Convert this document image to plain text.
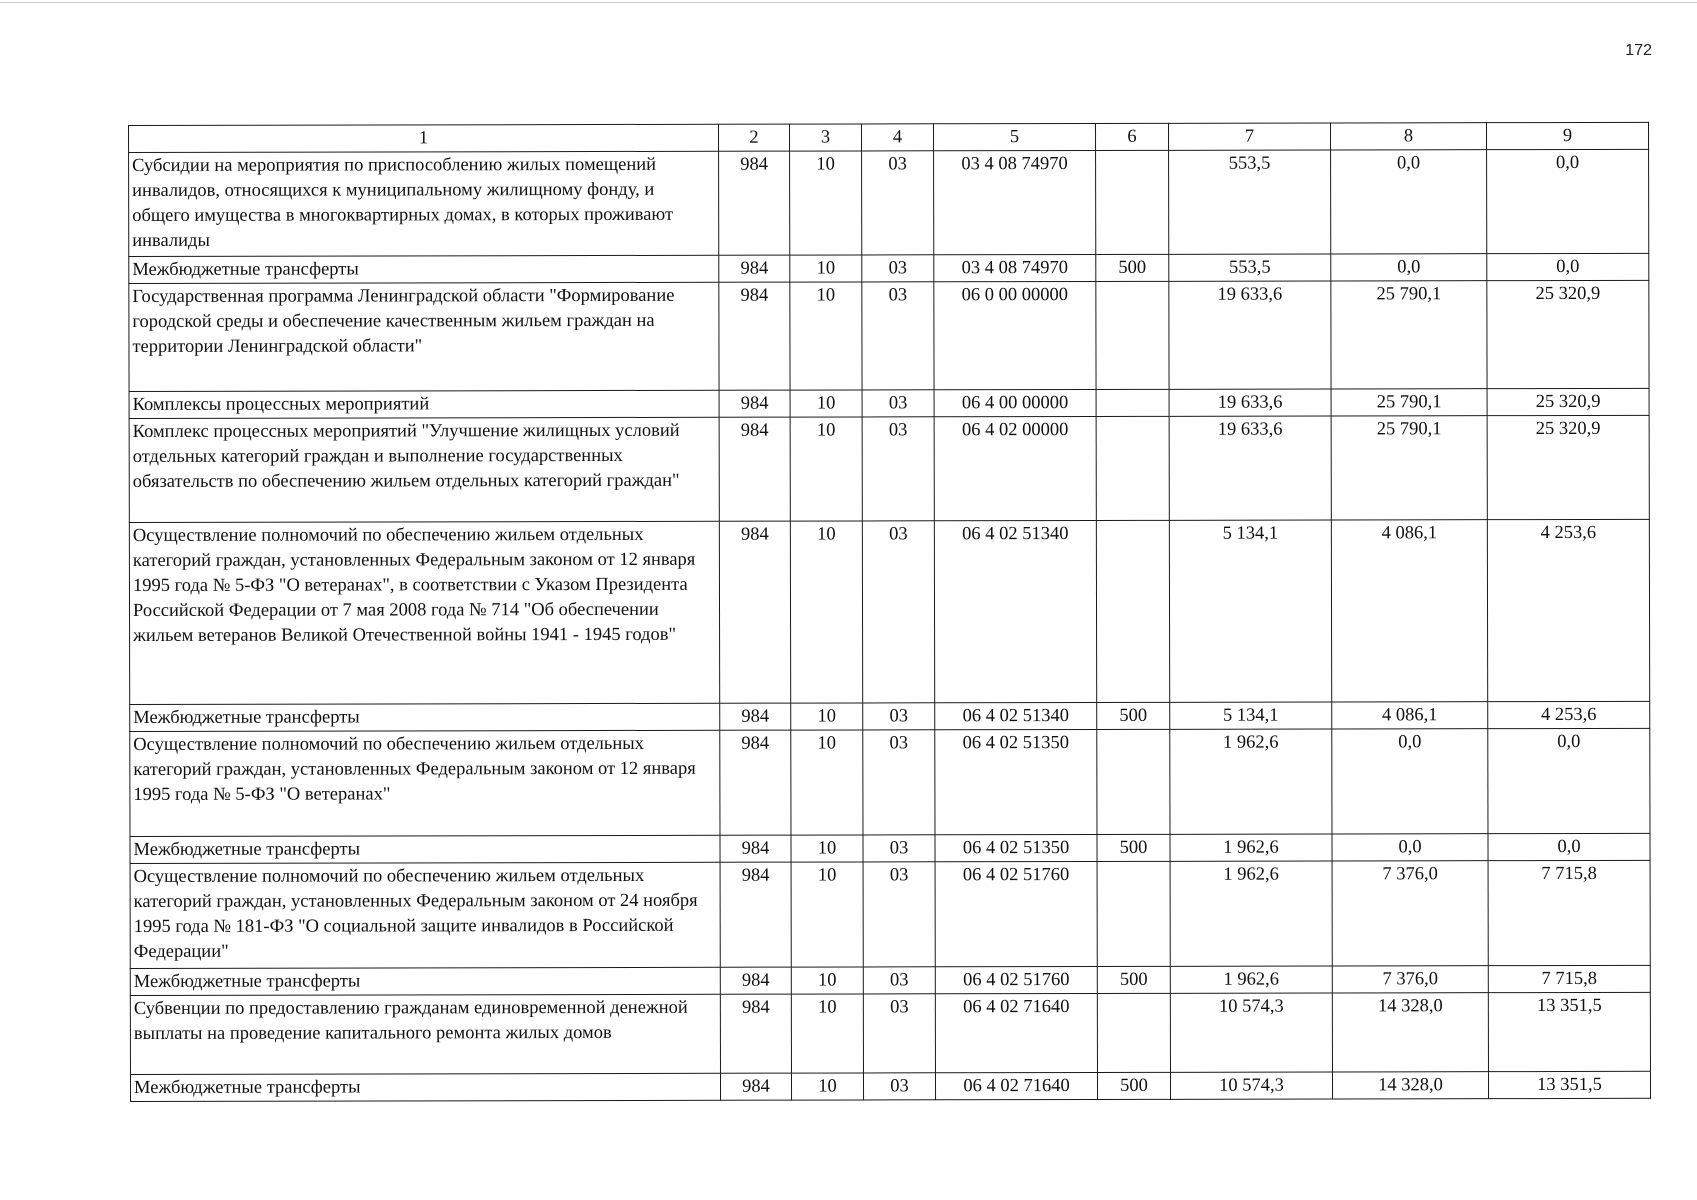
172
1	2	3	4	5	6	7	8	9
Субсидии на мероприятия по приспособлению жилых помещений инвалидов, относящихся к муниципальному жилищному фонду, и общего имущества в многоквартирных домах, в которых проживают инвалиды	984	10	03	03 4 08 74970		553,5	0,0	0,0
Межбюджетные трансферты	984	10	03	03 4 08 74970	500	553,5	0,0	0,0
Государственная программа Ленинградской области "Формирование городской среды и обеспечение качественным жильем граждан на территории Ленинградской области"	984	10	03	06 0 00 00000		19 633,6	25 790,1	25 320,9
Комплексы процессных мероприятий	984	10	03	06 4 00 00000		19 633,6	25 790,1	25 320,9
Комплекс процессных мероприятий "Улучшение жилищных условий отдельных категорий граждан и выполнение государственных обязательств по обеспечению жильем отдельных категорий граждан"	984	10	03	06 4 02 00000		19 633,6	25 790,1	25 320,9
Осуществление полномочий по обеспечению жильем отдельных категорий граждан, установленных Федеральным законом от 12 января 1995 года № 5-ФЗ "О ветеранах", в соответствии с Указом Президента Российской Федерации от 7 мая 2008 года № 714 "Об обеспечении жильем ветеранов Великой Отечественной войны 1941 - 1945 годов"	984	10	03	06 4 02 51340		5 134,1	4 086,1	4 253,6
Межбюджетные трансферты	984	10	03	06 4 02 51340	500	5 134,1	4 086,1	4 253,6
Осуществление полномочий по обеспечению жильем отдельных категорий граждан, установленных Федеральным законом от 12 января 1995 года № 5-ФЗ "О ветеранах"	984	10	03	06 4 02 51350		1 962,6	0,0	0,0
Межбюджетные трансферты	984	10	03	06 4 02 51350	500	1 962,6	0,0	0,0
Осуществление полномочий по обеспечению жильем отдельных категорий граждан, установленных Федеральным законом от 24 ноября 1995 года № 181-ФЗ "О социальной защите инвалидов в Российской Федерации"	984	10	03	06 4 02 51760		1 962,6	7 376,0	7 715,8
Межбюджетные трансферты	984	10	03	06 4 02 51760	500	1 962,6	7 376,0	7 715,8
Субвенции по предоставлению гражданам единовременной денежной выплаты на проведение капитального ремонта жилых домов	984	10	03	06 4 02 71640		10 574,3	14 328,0	13 351,5
Межбюджетные трансферты	984	10	03	06 4 02 71640	500	10 574,3	14 328,0	13 351,5
